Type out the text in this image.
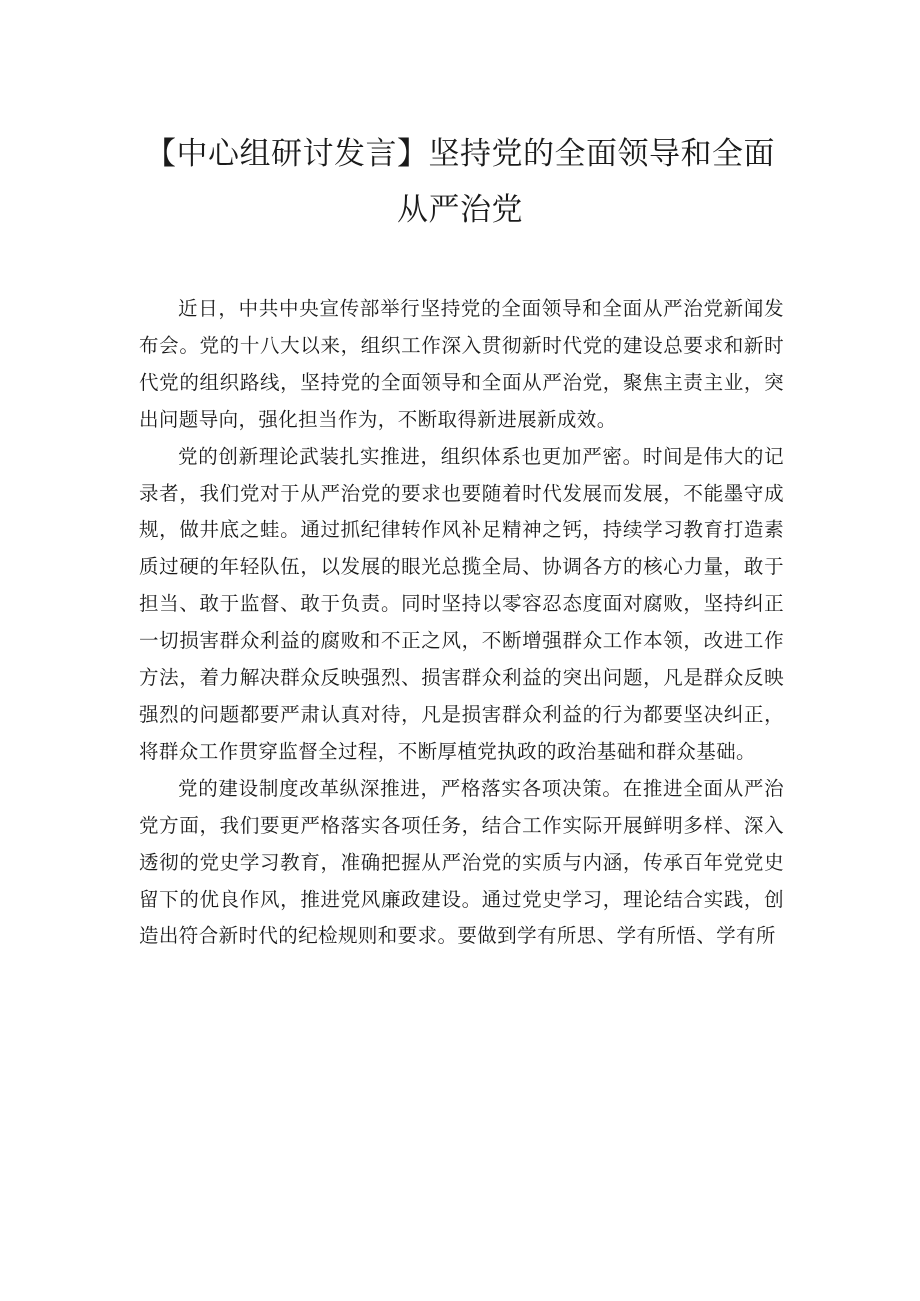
【中心组研讨发言】坚持党的全面领导和全面从严治党

近日，中共中央宣传部举行坚持党的全面领导和全面从严治党新闻发布会。党的十八大以来，组织工作深入贯彻新时代党的建设总要求和新时代党的组织路线，坚持党的全面领导和全面从严治党，聚焦主责主业，突出问题导向，强化担当作为，不断取得新进展新成效。

党的创新理论武装扎实推进，组织体系也更加严密。时间是伟大的记录者，我们党对于从严治党的要求也要随着时代发展而发展，不能墨守成规，做井底之蛙。通过抓纪律转作风补足精神之钙，持续学习教育打造素质过硬的年轻队伍，以发展的眼光总揽全局、协调各方的核心力量，敢于担当、敢于监督、敢于负责。同时坚持以零容忍态度面对腐败，坚持纠正一切损害群众利益的腐败和不正之风，不断增强群众工作本领，改进工作方法，着力解决群众反映强烈、损害群众利益的突出问题，凡是群众反映强烈的问题都要严肃认真对待，凡是损害群众利益的行为都要坚决纠正，将群众工作贯穿监督全过程，不断厚植党执政的政治基础和群众基础。

党的建设制度改革纵深推进，严格落实各项决策。在推进全面从严治党方面，我们要更严格落实各项任务，结合工作实际开展鲜明多样、深入透彻的党史学习教育，准确把握从严治党的实质与内涵，传承百年党党史留下的优良作风，推进党风廉政建设。通过党史学习，理论结合实践，创造出符合新时代的纪检规则和要求。要做到学有所思、学有所悟、学有所
